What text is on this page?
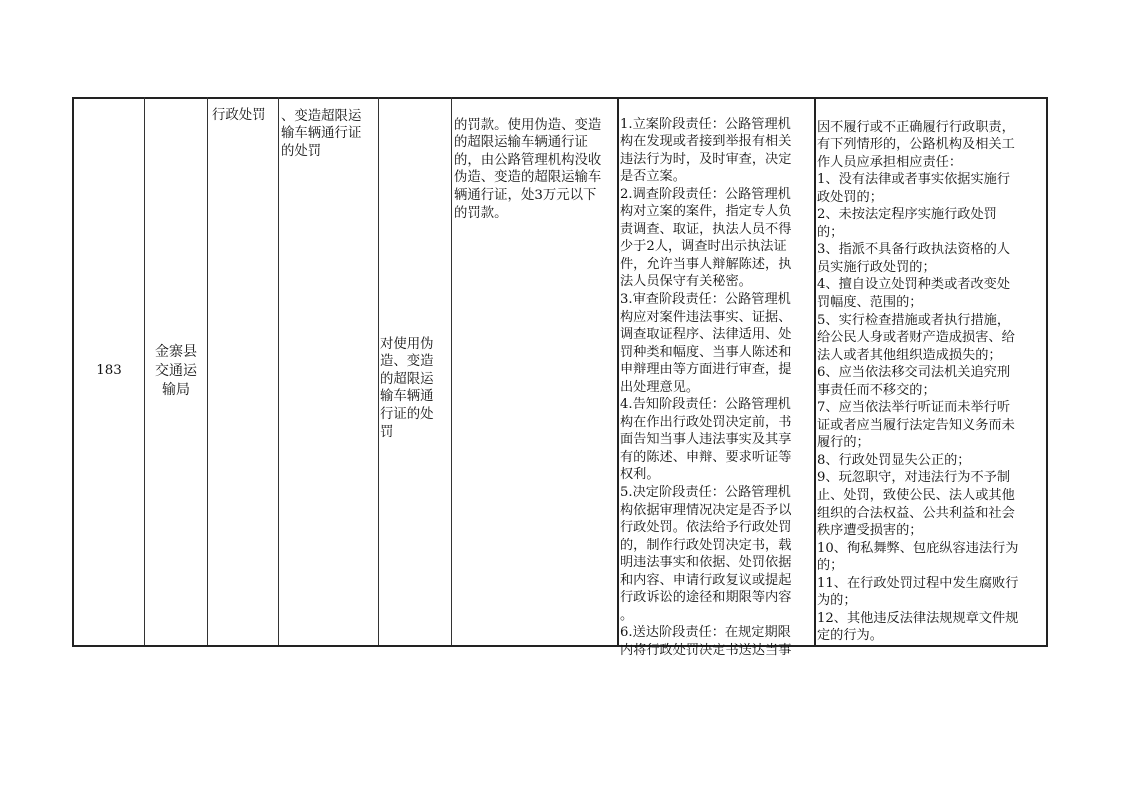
183
金寨县
交通运
输局

行政处罚	、变造超限运
输车辆通行证
的处罚

对使用伪
造、变造
的超限运
输车辆通
行证的处
罚

的罚款。使用伪造、变造
的超限运输车辆通行证
的，由公路管理机构没收
伪造、变造的超限运输车
辆通行证，处3万元以下
的罚款。

1.立案阶段责任：公路管理机
构在发现或者接到举报有相关
违法行为时，及时审查，决定
是否立案。
2.调查阶段责任：公路管理机
构对立案的案件，指定专人负
责调查、取证，执法人员不得
少于2人，调查时出示执法证
件，允许当事人辩解陈述，执
法人员保守有关秘密。
3.审查阶段责任：公路管理机
构应对案件违法事实、证据、
调查取证程序、法律适用、处
罚种类和幅度、当事人陈述和
申辩理由等方面进行审查，提
出处理意见。
4.告知阶段责任：公路管理机
构在作出行政处罚决定前，书
面告知当事人违法事实及其享
有的陈述、申辩、要求听证等
权利。
5.决定阶段责任：公路管理机
构依据审理情况决定是否予以
行政处罚。依法给予行政处罚
的，制作行政处罚决定书，载
明违法事实和依据、处罚依据
和内容、申请行政复议或提起
行政诉讼的途径和期限等内容
。
6.送达阶段责任：在规定期限
内将行政处罚决定书送达当事

因不履行或不正确履行行政职责，
有下列情形的，公路机构及相关工
作人员应承担相应责任：
1、没有法律或者事实依据实施行
政处罚的；
2、未按法定程序实施行政处罚
的；
3、指派不具备行政执法资格的人
员实施行政处罚的；
4、擅自设立处罚种类或者改变处
罚幅度、范围的；
5、实行检查措施或者执行措施，
给公民人身或者财产造成损害、给
法人或者其他组织造成损失的；
6、应当依法移交司法机关追究刑
事责任而不移交的；
7、应当依法举行听证而未举行听
证或者应当履行法定告知义务而未
履行的；
8、行政处罚显失公正的；
9、玩忽职守，对违法行为不予制
止、处罚，致使公民、法人或其他
组织的合法权益、公共利益和社会
秩序遭受损害的；
10、徇私舞弊、包庇纵容违法行为
的；
11、在行政处罚过程中发生腐败行
为的；
12、其他违反法律法规规章文件规
定的行为。
